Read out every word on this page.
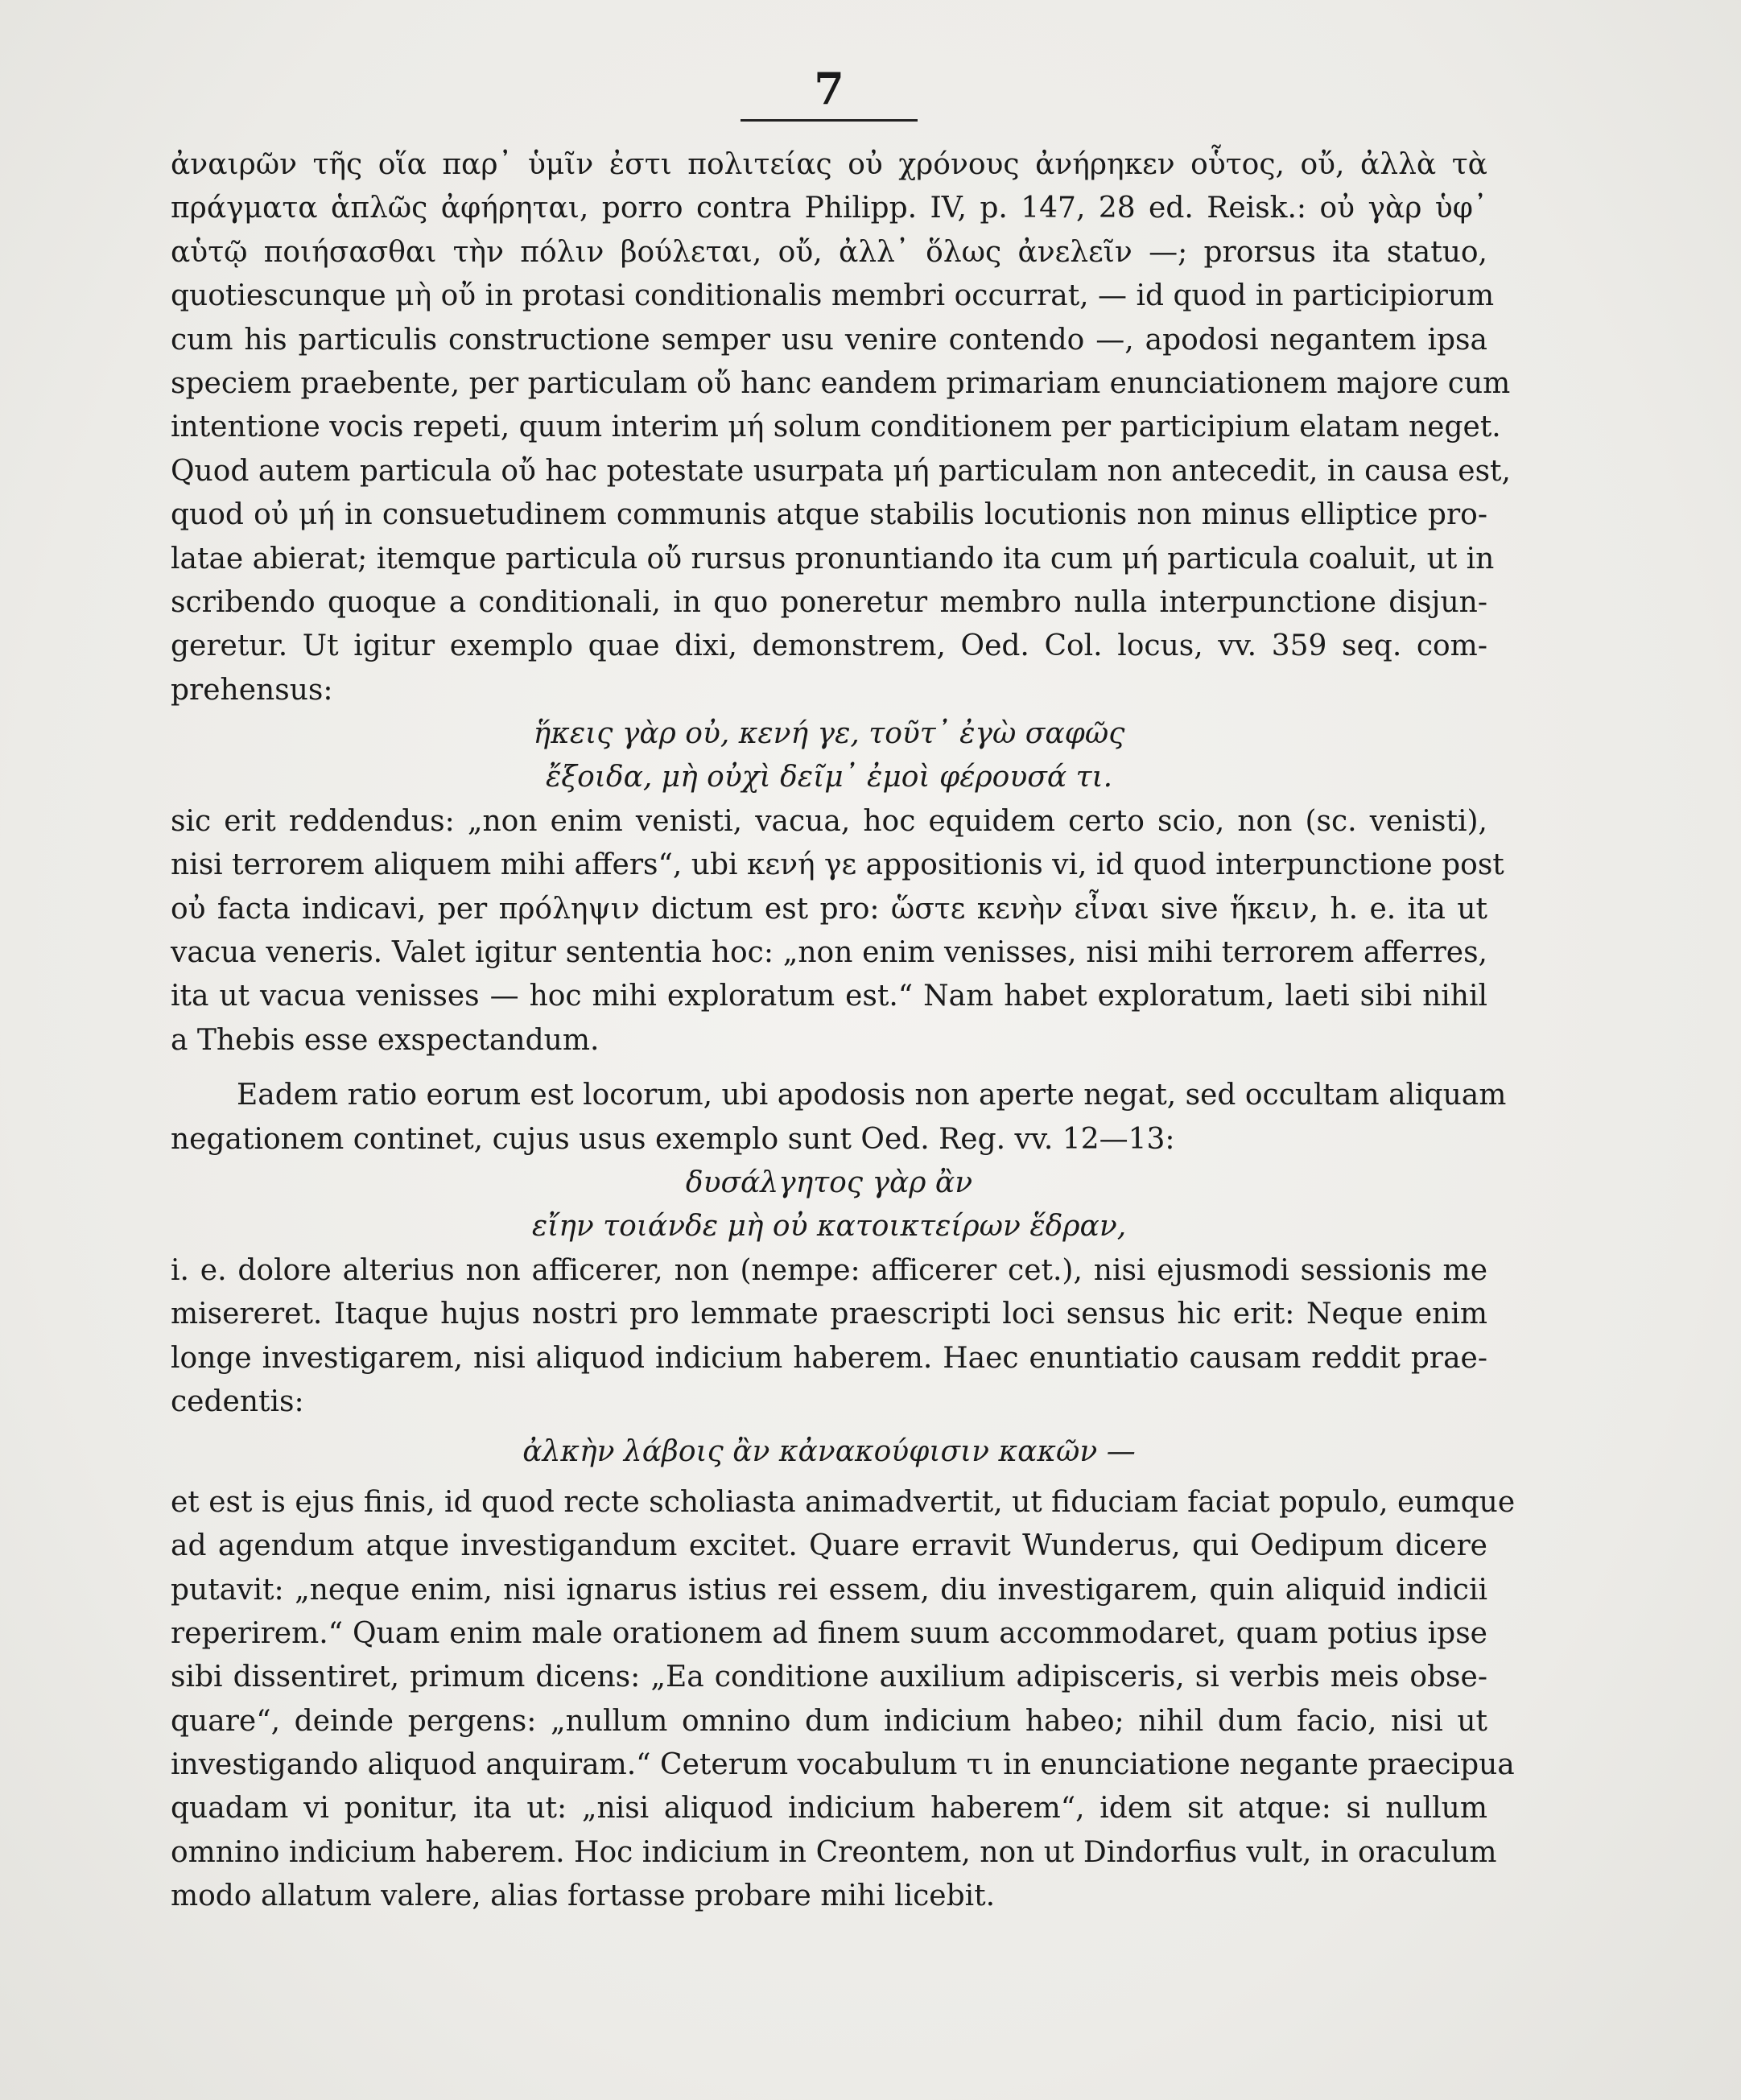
7
ἀναιρῶν τῆς οἵα παρ᾽ ὑμῖν ἐστι πολιτείας οὐ χρόνους ἀνήρηκεν οὗτος, οὔ, ἀλλὰ τὰ
πράγματα ἁπλῶς ἀφήρηται, porro contra Philipp. IV, p. 147, 28 ed. Reisk.: οὐ γὰρ ὑφ᾽
αὑτῷ ποιήσασθαι τὴν πόλιν βούλεται, οὔ, ἀλλ᾽ ὅλως ἀνελεῖν —; prorsus ita statuo,
quotiescunque μὴ οὔ in protasi conditionalis membri occurrat, — id quod in participiorum
cum his particulis constructione semper usu venire contendo —, apodosi negantem ipsa
speciem praebente, per particulam οὔ hanc eandem primariam enunciationem majore cum
intentione vocis repeti, quum interim μή solum conditionem per participium elatam neget.
Quod autem particula οὔ hac potestate usurpata μή particulam non antecedit, in causa est,
quod οὐ μή in consuetudinem communis atque stabilis locutionis non minus elliptice pro-
latae abierat; itemque particula οὔ rursus pronuntiando ita cum μή particula coaluit, ut in
scribendo quoque a conditionali, in quo poneretur membro nulla interpunctione disjun-
geretur. Ut igitur exemplo quae dixi, demonstrem, Oed. Col. locus, vv. 359 seq. com-
prehensus:
ἥκεις γὰρ οὐ, κενή γε, τοῦτ᾽ ἐγὼ σαφῶς
ἔξοιδα, μὴ οὐχὶ δεῖμ᾽ ἐμοὶ φέρουσά τι.
sic erit reddendus: „non enim venisti, vacua, hoc equidem certo scio, non (sc. venisti),
nisi terrorem aliquem mihi affers“, ubi κενή γε appositionis vi, id quod interpunctione post
οὐ facta indicavi, per πρόληψιν dictum est pro: ὥστε κενὴν εἶναι sive ἥκειν, h. e. ita ut
vacua veneris. Valet igitur sententia hoc: „non enim venisses, nisi mihi terrorem afferres,
ita ut vacua venisses — hoc mihi exploratum est.“ Nam habet exploratum, laeti sibi nihil
a Thebis esse exspectandum.
Eadem ratio eorum est locorum, ubi apodosis non aperte negat, sed occultam aliquam
negationem continet, cujus usus exemplo sunt Oed. Reg. vv. 12—13:
δυσάλγητος γὰρ ἂν
εἴην τοιάνδε μὴ οὐ κατοικτείρων ἕδραν,
i. e. dolore alterius non afficerer, non (nempe: afficerer cet.), nisi ejusmodi sessionis me
misereret. Itaque hujus nostri pro lemmate praescripti loci sensus hic erit: Neque enim
longe investigarem, nisi aliquod indicium haberem. Haec enuntiatio causam reddit prae-
cedentis:
ἀλκὴν λάβοις ἂν κἀνακούφισιν κακῶν —
et est is ejus finis, id quod recte scholiasta animadvertit, ut fiduciam faciat populo, eumque
ad agendum atque investigandum excitet. Quare erravit Wunderus, qui Oedipum dicere
putavit: „neque enim, nisi ignarus istius rei essem, diu investigarem, quin aliquid indicii
reperirem.“ Quam enim male orationem ad finem suum accommodaret, quam potius ipse
sibi dissentiret, primum dicens: „Ea conditione auxilium adipisceris, si verbis meis obse-
quare“, deinde pergens: „nullum omnino dum indicium habeo; nihil dum facio, nisi ut
investigando aliquod anquiram.“ Ceterum vocabulum τι in enunciatione negante praecipua
quadam vi ponitur, ita ut: „nisi aliquod indicium haberem“, idem sit atque: si nullum
omnino indicium haberem. Hoc indicium in Creontem, non ut Dindorfius vult, in oraculum
modo allatum valere, alias fortasse probare mihi licebit.
